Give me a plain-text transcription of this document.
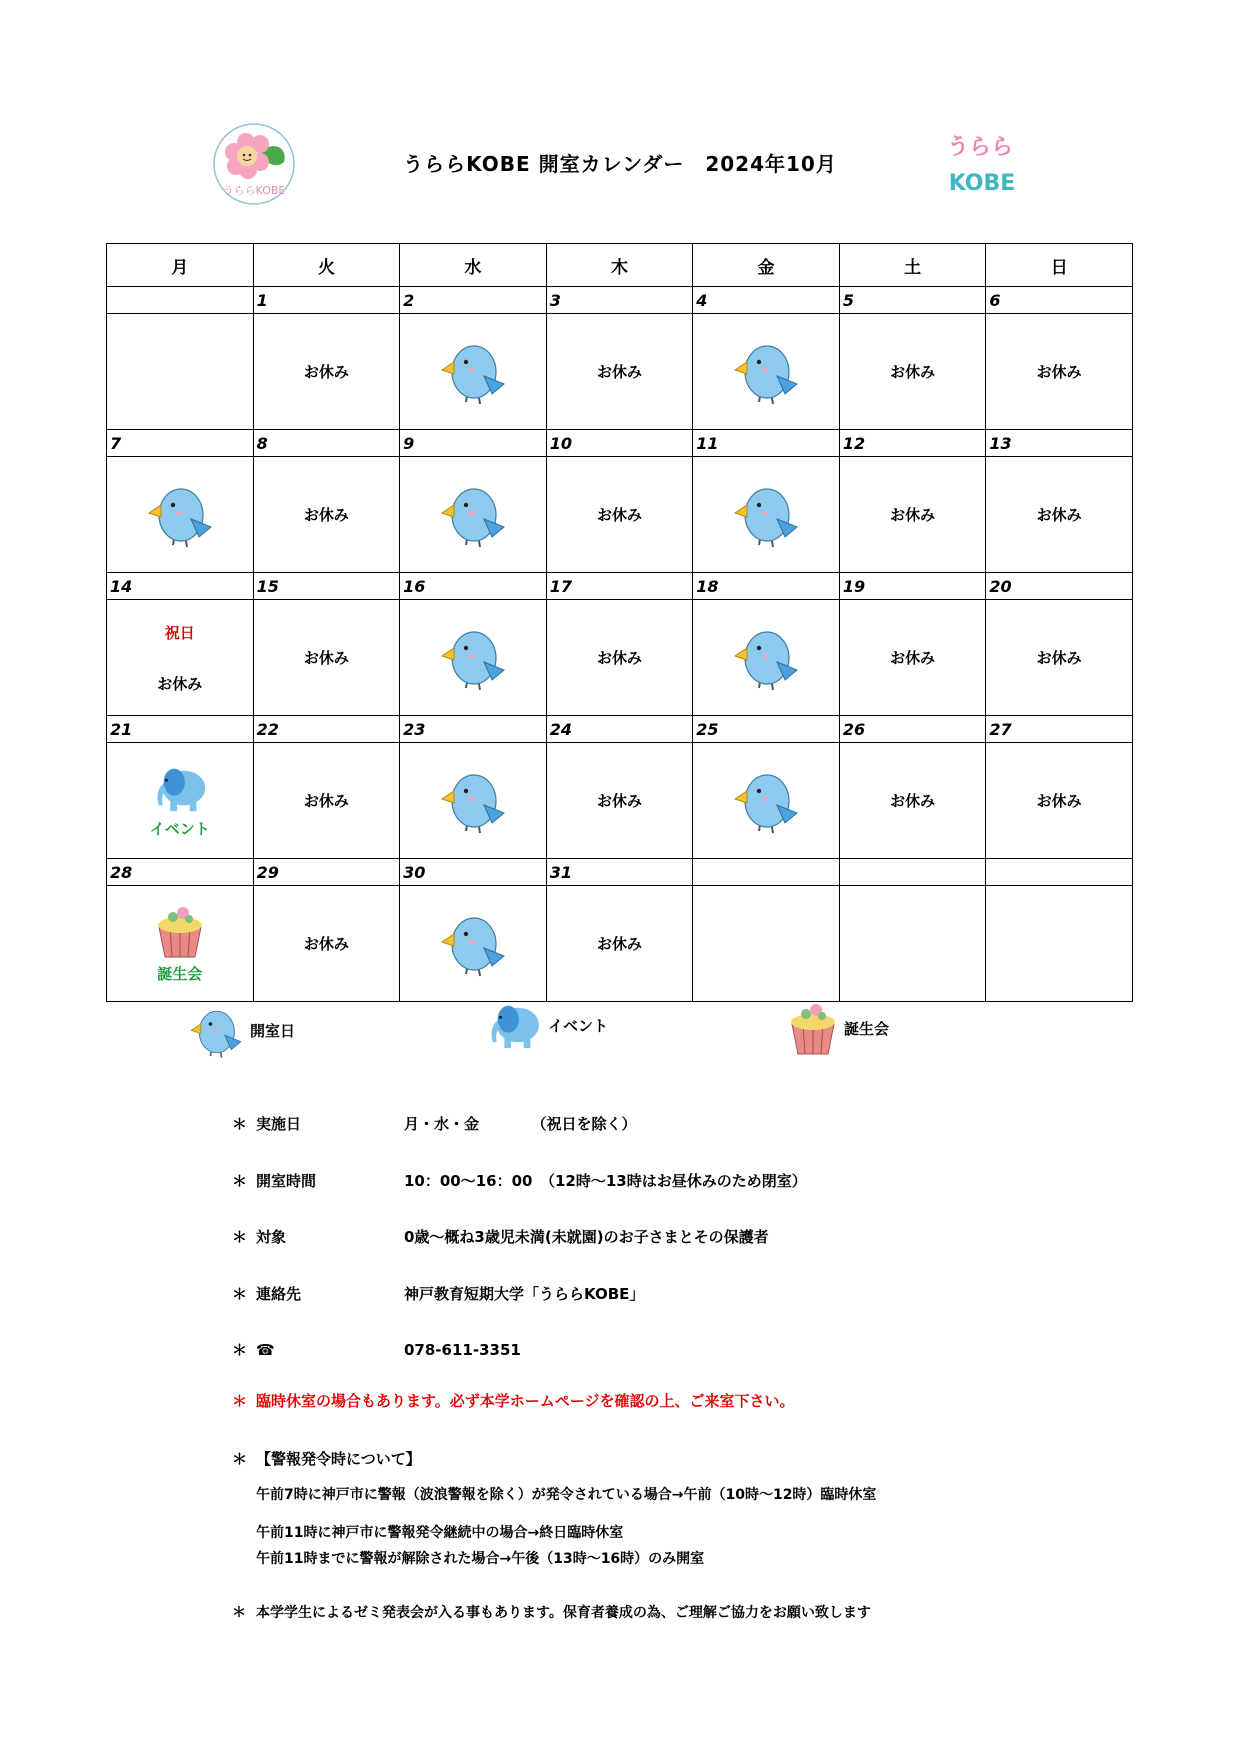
うららKOBE
うららKOBE 開室カレンダー　2024年10月
うらら
KOBE
月	火	水	木	金	土	日
	1	2	3	4	5	6
	お休み		お休み		お休み	お休み
7	8	9	10	11	12	13
	お休み		お休み		お休み	お休み
14	15	16	17	18	19	20

祝日
お休み	お休み		お休み		お休み	お休み
21	22	23	24	25	26	27

イベント	お休み		お休み		お休み	お休み
28	29	30	31			

誕生会	お休み		お休み			
開室日	イベント	誕生会
＊ 実施日	月・水・金　　　　（祝日を除く）
＊ 開室時間	10：00～16：00　（12時～13時はお昼休みのため閉室）
＊ 対象	0歳～概ね3歳児未満(未就園)のお子さまとその保護者
＊ 連絡先	神戸教育短期大学「うららKOBE」
＊ ☎	078-611-3351
＊ 臨時休室の場合もあります。必ず本学ホームページを確認の上、ご来室下さい。
＊ 【警報発令時について】
午前7時に神戸市に警報（波浪警報を除く）が発令されている場合→午前（10時～12時）臨時休室
午前11時に神戸市に警報発令継続中の場合→終日臨時休室
午前11時までに警報が解除された場合→午後（13時～16時）のみ開室
＊ 本学学生によるゼミ発表会が入る事もあります。保育者養成の為、ご理解ご協力をお願い致します
